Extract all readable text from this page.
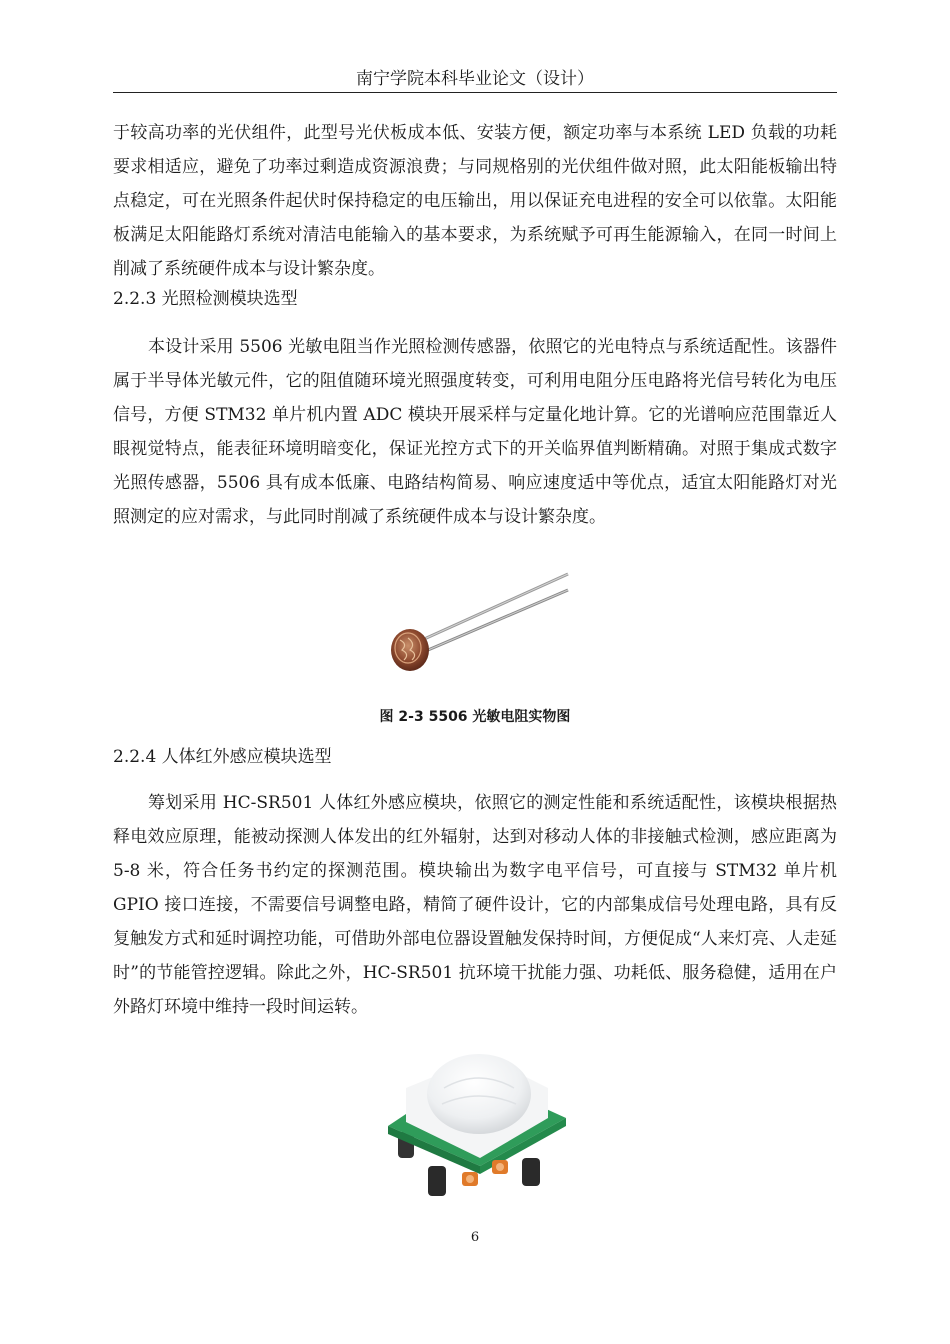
南宁学院本科毕业论文（设计）

于较高功率的光伏组件，此型号光伏板成本低、安装方便，额定功率与本系统 LED 负载的功耗要求相适应，避免了功率过剩造成资源浪费；与同规格别的光伏组件做对照，此太阳能板输出特点稳定，可在光照条件起伏时保持稳定的电压输出，用以保证充电进程的安全可以依靠。太阳能板满足太阳能路灯系统对清洁电能输入的基本要求，为系统赋予可再生能源输入，在同一时间上削减了系统硬件成本与设计繁杂度。

2.2.3 光照检测模块选型

本设计采用 5506 光敏电阻当作光照检测传感器，依照它的光电特点与系统适配性。该器件属于半导体光敏元件，它的阻值随环境光照强度转变，可利用电阻分压电路将光信号转化为电压信号，方便 STM32 单片机内置 ADC 模块开展采样与定量化地计算。它的光谱响应范围靠近人眼视觉特点，能表征环境明暗变化，保证光控方式下的开关临界值判断精确。对照于集成式数字光照传感器，5506 具有成本低廉、电路结构简易、响应速度适中等优点，适宜太阳能路灯对光照测定的应对需求，与此同时削减了系统硬件成本与设计繁杂度。

图 2-3 5506 光敏电阻实物图

2.2.4 人体红外感应模块选型

筹划采用 HC-SR501 人体红外感应模块，依照它的测定性能和系统适配性，该模块根据热释电效应原理，能被动探测人体发出的红外辐射，达到对移动人体的非接触式检测，感应距离为 5-8 米，符合任务书约定的探测范围。模块输出为数字电平信号，可直接与 STM32 单片机 GPIO 接口连接，不需要信号调整电路，精简了硬件设计，它的内部集成信号处理电路，具有反复触发方式和延时调控功能，可借助外部电位器设置触发保持时间，方便促成“人来灯亮、人走延时”的节能管控逻辑。除此之外，HC-SR501 抗环境干扰能力强、功耗低、服务稳健，适用在户外路灯环境中维持一段时间运转。

6
